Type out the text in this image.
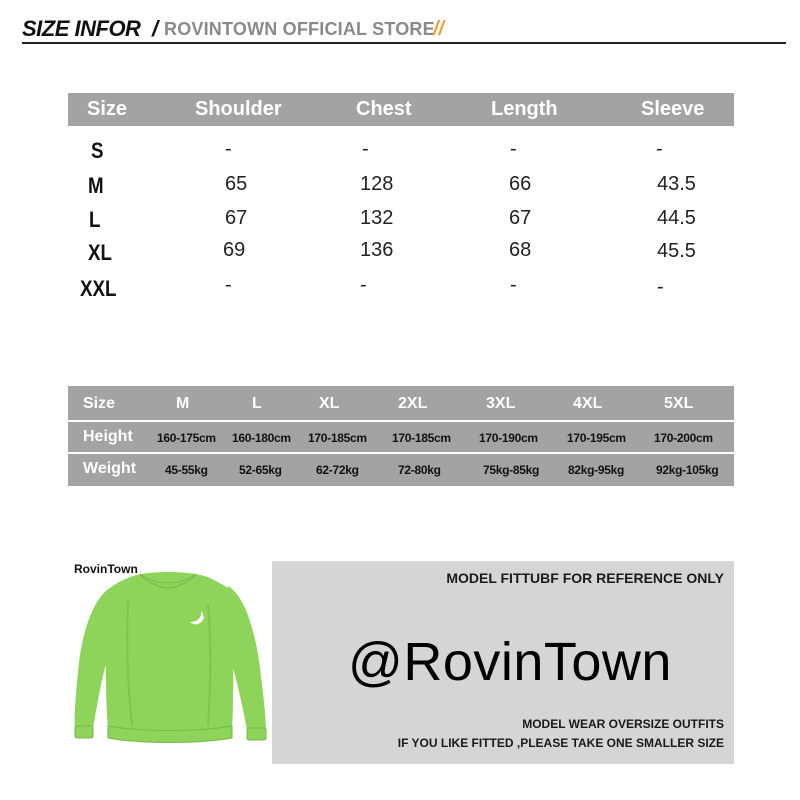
SIZE INFOR / ROVINTOWN OFFICIAL STORE
//
Size	Shoulder	Chest	Length	Sleeve
S	-	-	-	-
M	65	128	66	43.5
L	67	132	67	44.5
XL	69	136	68	45.5
XXL	-	-	-	-
Size	M	L	XL	2XL	3XL	4XL	5XL
Height 160-175cm 160-180cm 170-185cm 170-185cm 170-190cm 170-195cm 170-200cm
Weight 45-55kg	52-65kg	62-72kg	72-80kg	75kg-85kg 82kg-95kg	92kg-105kg
RovinTown
MODEL FITTUBF FOR REFERENCE ONLY
@RovinTown
MODEL WEAR OVERSIZE OUTFITS
IF YOU LIKE FITTED ,PLEASE TAKE ONE SMALLER SIZE
